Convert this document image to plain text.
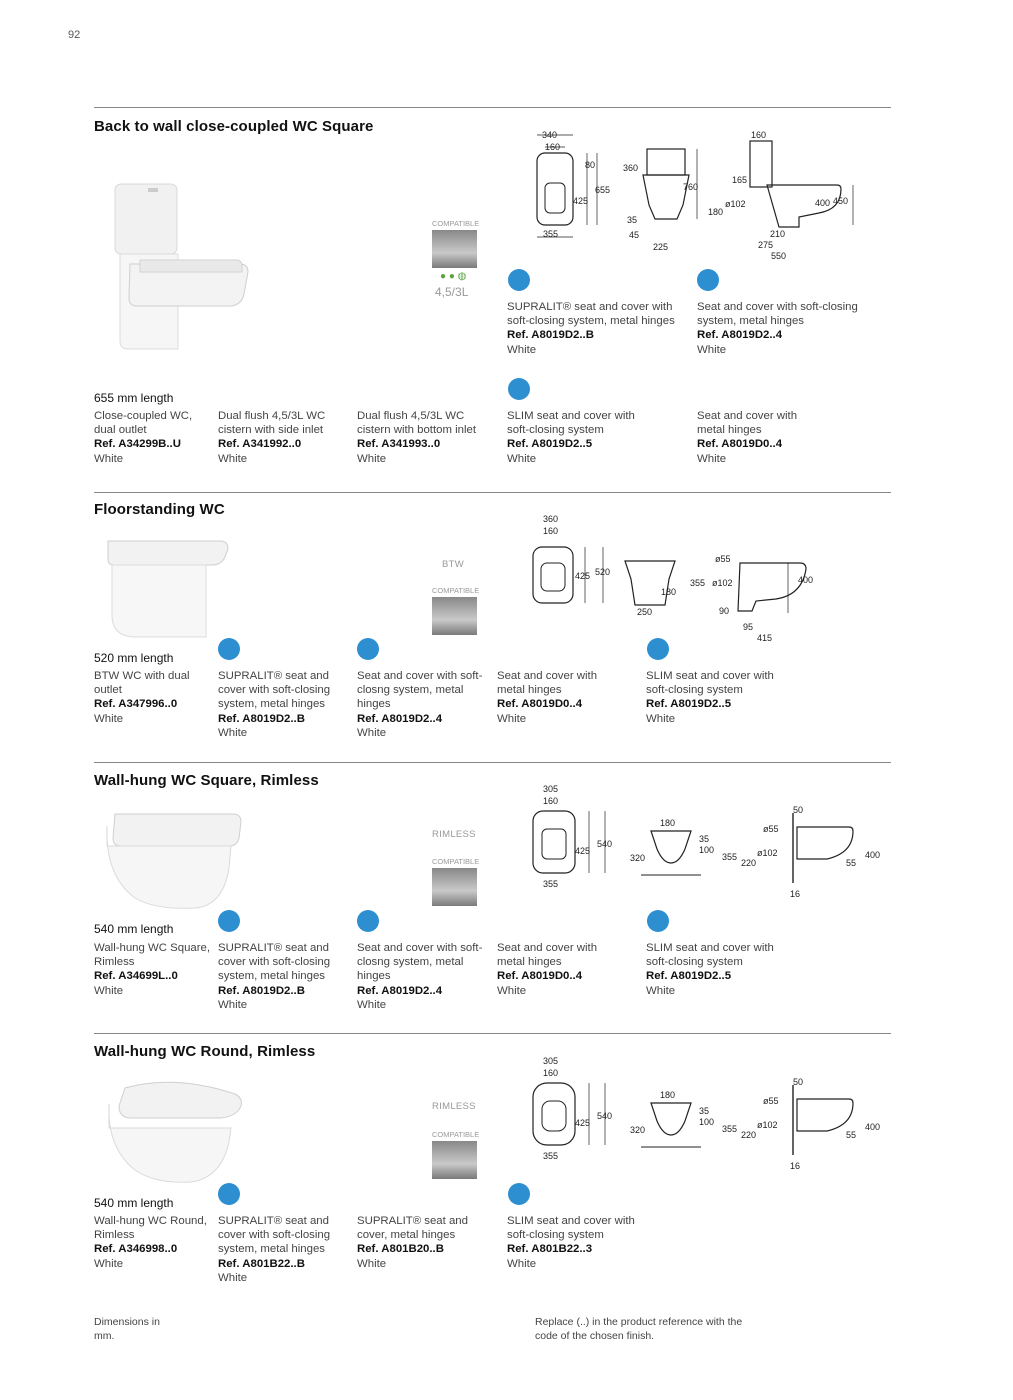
92
Back to wall close-coupled WC Square
COMPATIBLE
● ● ◍
4,5/3L
340
160
80
655
425
355
360
760
35
45
225
160
165
ø102
180
400 450
210
275
550
SUPRALIT® seat and cover with soft-closing system, metal hinges
Ref. A8019D2..B
White
Seat and cover with soft-closing system, metal hinges
Ref. A8019D2..4
White
655 mm length
Close-coupled WC, dual outlet
Ref. A34299B..U
White
Dual flush 4,5/3L WC cistern with side inlet
Ref. A341992..0
White
Dual flush 4,5/3L WC cistern with bottom inlet
Ref. A341993..0
White
SLIM seat and cover with soft-closing system
Ref. A8019D2..5
White
Seat and cover with metal hinges
Ref. A8019D0..4
White
Floorstanding WC
BTW
COMPATIBLE
360
160
425 520
250
180
ø55
355 ø102	400
90
95
415
520 mm length
BTW WC with dual outlet
Ref. A347996..0
White
SUPRALIT® seat and cover with soft-closing system, metal hinges
Ref. A8019D2..B
White
Seat and cover with soft-closng system, metal hinges
Ref. A8019D2..4
White
Seat and cover with metal hinges
Ref. A8019D0..4
White
SLIM seat and cover with soft-closing system
Ref. A8019D2..5
White
Wall-hung WC Square, Rimless
RIMLESS
COMPATIBLE
305
160
425
540
355
180
35
100
320
50
ø55
355 ø102
220	55
400
16
540 mm length
Wall-hung WC Square, Rimless
Ref. A34699L..0
White
SUPRALIT® seat and cover with soft-closing system, metal hinges
Ref. A8019D2..B
White
Seat and cover with soft-closng system, metal hinges
Ref. A8019D2..4
White
Seat and cover with metal hinges
Ref. A8019D0..4
White
SLIM seat and cover with soft-closing system
Ref. A8019D2..5
White
Wall-hung WC Round, Rimless
RIMLESS
COMPATIBLE
305
160
425
540
355
180
35
100
320
50
ø55
355 ø102
220	55
400
16
540 mm length
Wall-hung WC Round, Rimless
Ref. A346998..0
White
SUPRALIT® seat and cover with soft-closing system, metal hinges
Ref. A801B22..B
White
SUPRALIT® seat and cover, metal hinges
Ref. A801B20..B
White
SLIM seat and cover with soft-closing system
Ref. A801B22..3
White
Dimensions in mm.
Replace (..) in the product reference with the code of the chosen finish.
